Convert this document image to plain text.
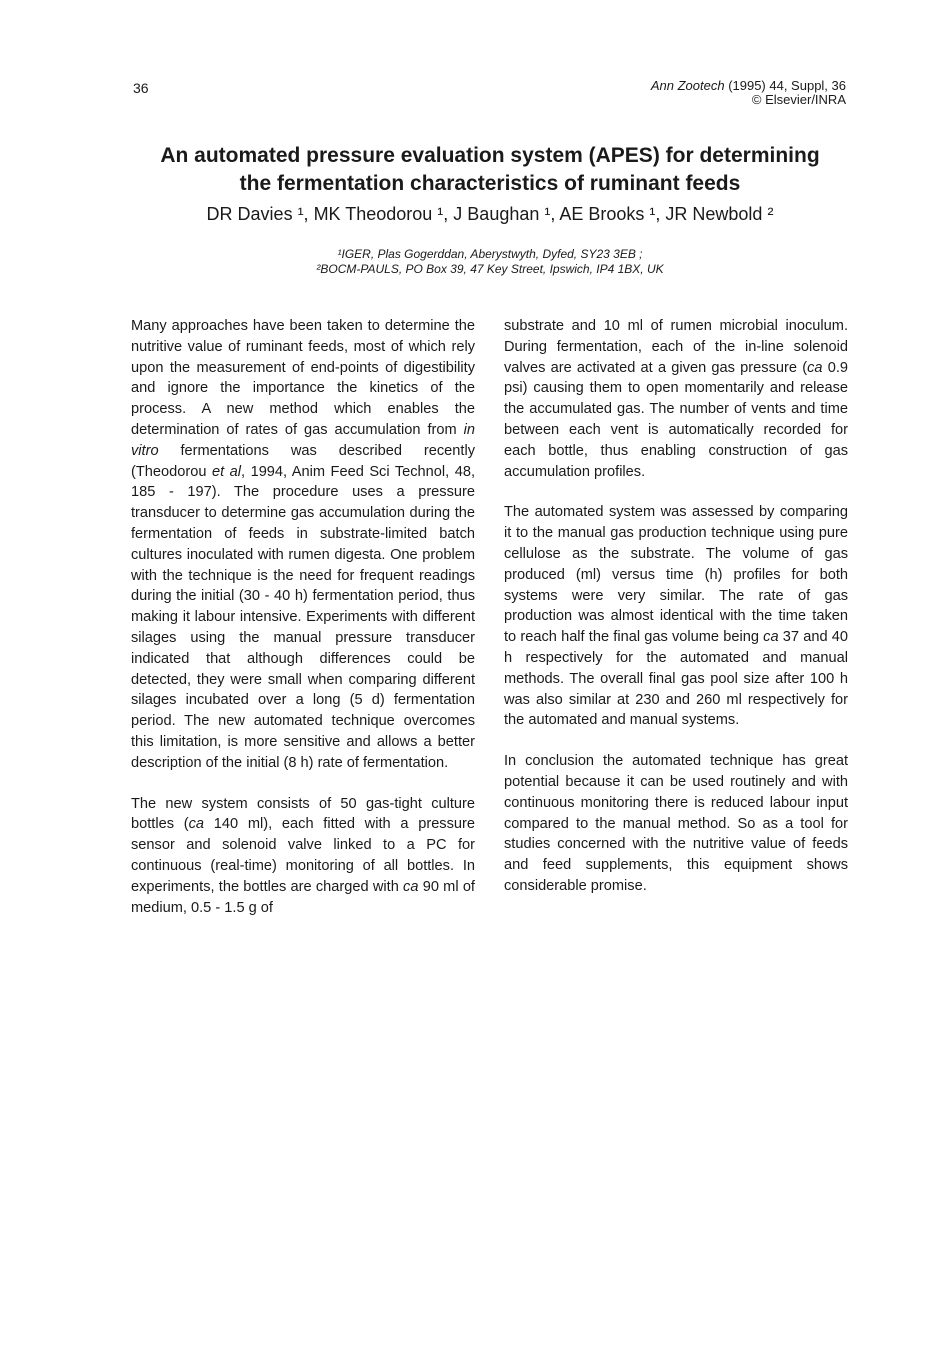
36	Ann Zootech (1995) 44, Suppl, 36
© Elsevier/INRA
An automated pressure evaluation system (APES) for determining
the fermentation characteristics of ruminant feeds
DR Davies ¹, MK Theodorou ¹, J Baughan ¹, AE Brooks ¹, JR Newbold ²
¹IGER, Plas Gogerddan, Aberystwyth, Dyfed, SY23 3EB ;
²BOCM-PAULS, PO Box 39, 47 Key Street, Ipswich, IP4 1BX, UK

Many approaches have been taken to determine the nutritive value of ruminant feeds, most of which rely upon the measurement of end-points of digestibility and ignore the importance the kinetics of the process. A new method which enables the determination of rates of gas accumulation from in vitro fermentations was described recently (Theodorou et al, 1994, Anim Feed Sci Technol, 48, 185 - 197). The procedure uses a pressure transducer to determine gas accumulation during the fermentation of feeds in substrate-limited batch cultures inoculated with rumen digesta. One problem with the technique is the need for frequent readings during the initial (30 - 40 h) fermentation period, thus making it labour intensive. Experiments with different silages using the manual pressure transducer indicated that although differences could be detected, they were small when comparing different silages incubated over a long (5 d) fermentation period. The new automated technique overcomes this limitation, is more sensitive and allows a better description of the initial (8 h) rate of fermentation.

The new system consists of 50 gas-tight culture bottles (ca 140 ml), each fitted with a pressure sensor and solenoid valve linked to a PC for continuous (real-time) monitoring of all bottles. In experiments, the bottles are charged with ca 90 ml of medium, 0.5 - 1.5 g of

substrate and 10 ml of rumen microbial inoculum. During fermentation, each of the in-line solenoid valves are activated at a given gas pressure (ca 0.9 psi) causing them to open momentarily and release the accumulated gas. The number of vents and time between each vent is automatically recorded for each bottle, thus enabling construction of gas accumulation profiles.

The automated system was assessed by comparing it to the manual gas production technique using pure cellulose as the substrate. The volume of gas produced (ml) versus time (h) profiles for both systems were very similar. The rate of gas production was almost identical with the time taken to reach half the final gas volume being ca 37 and 40 h respectively for the automated and manual methods. The overall final gas pool size after 100 h was also similar at 230 and 260 ml respectively for the automated and manual systems.

In conclusion the automated technique has great potential because it can be used routinely and with continuous monitoring there is reduced labour input compared to the manual method. So as a tool for studies concerned with the nutritive value of feeds and feed supplements, this equipment shows considerable promise.
